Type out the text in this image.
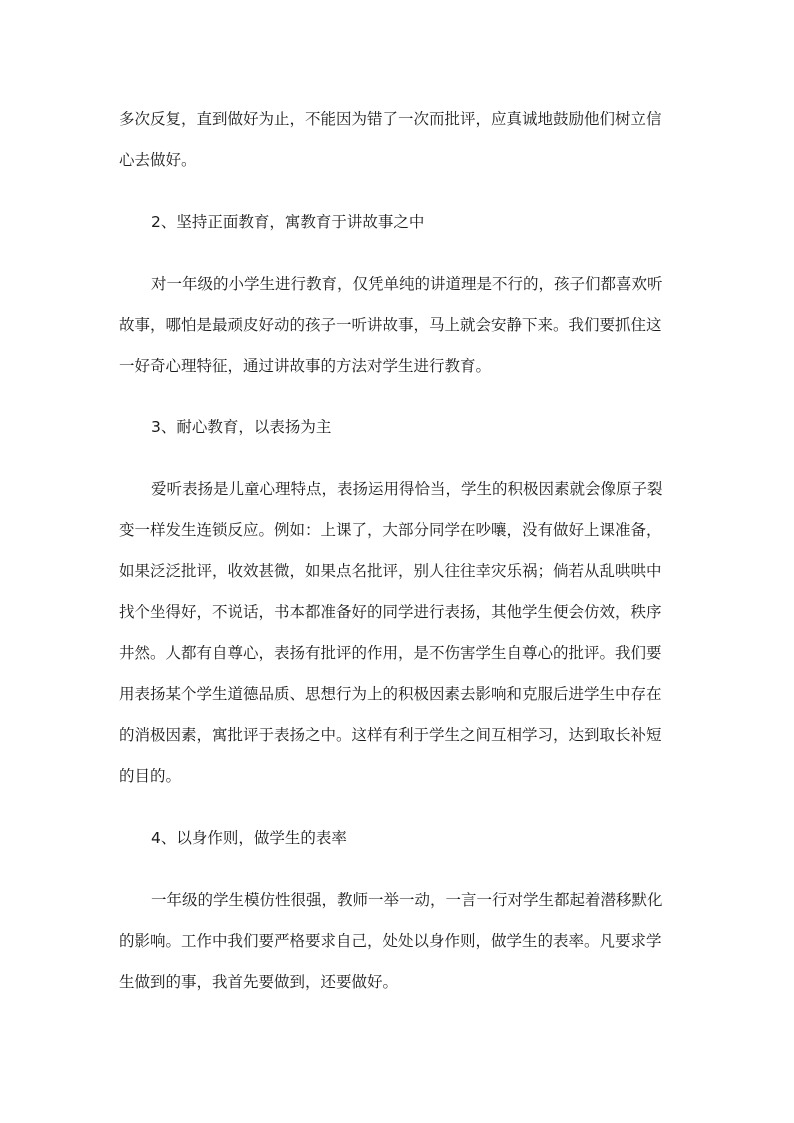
多次反复，直到做好为止，不能因为错了一次而批评，应真诚地鼓励他们树立信
心去做好。
2、坚持正面教育，寓教育于讲故事之中
对一年级的小学生进行教育，仅凭单纯的讲道理是不行的，孩子们都喜欢听
故事，哪怕是最顽皮好动的孩子一听讲故事，马上就会安静下来。我们要抓住这
一好奇心理特征，通过讲故事的方法对学生进行教育。
3、耐心教育，以表扬为主
爱听表扬是儿童心理特点，表扬运用得恰当，学生的积极因素就会像原子裂
变一样发生连锁反应。例如：上课了，大部分同学在吵嚷，没有做好上课准备，
如果泛泛批评，收效甚微，如果点名批评，别人往往幸灾乐祸；倘若从乱哄哄中
找个坐得好，不说话，书本都准备好的同学进行表扬，其他学生便会仿效，秩序
井然。人都有自尊心，表扬有批评的作用，是不伤害学生自尊心的批评。我们要
用表扬某个学生道德品质、思想行为上的积极因素去影响和克服后进学生中存在
的消极因素，寓批评于表扬之中。这样有利于学生之间互相学习，达到取长补短
的目的。
4、以身作则，做学生的表率
一年级的学生模仿性很强，教师一举一动，一言一行对学生都起着潜移默化
的影响。工作中我们要严格要求自己，处处以身作则，做学生的表率。凡要求学
生做到的事，我首先要做到，还要做好。
